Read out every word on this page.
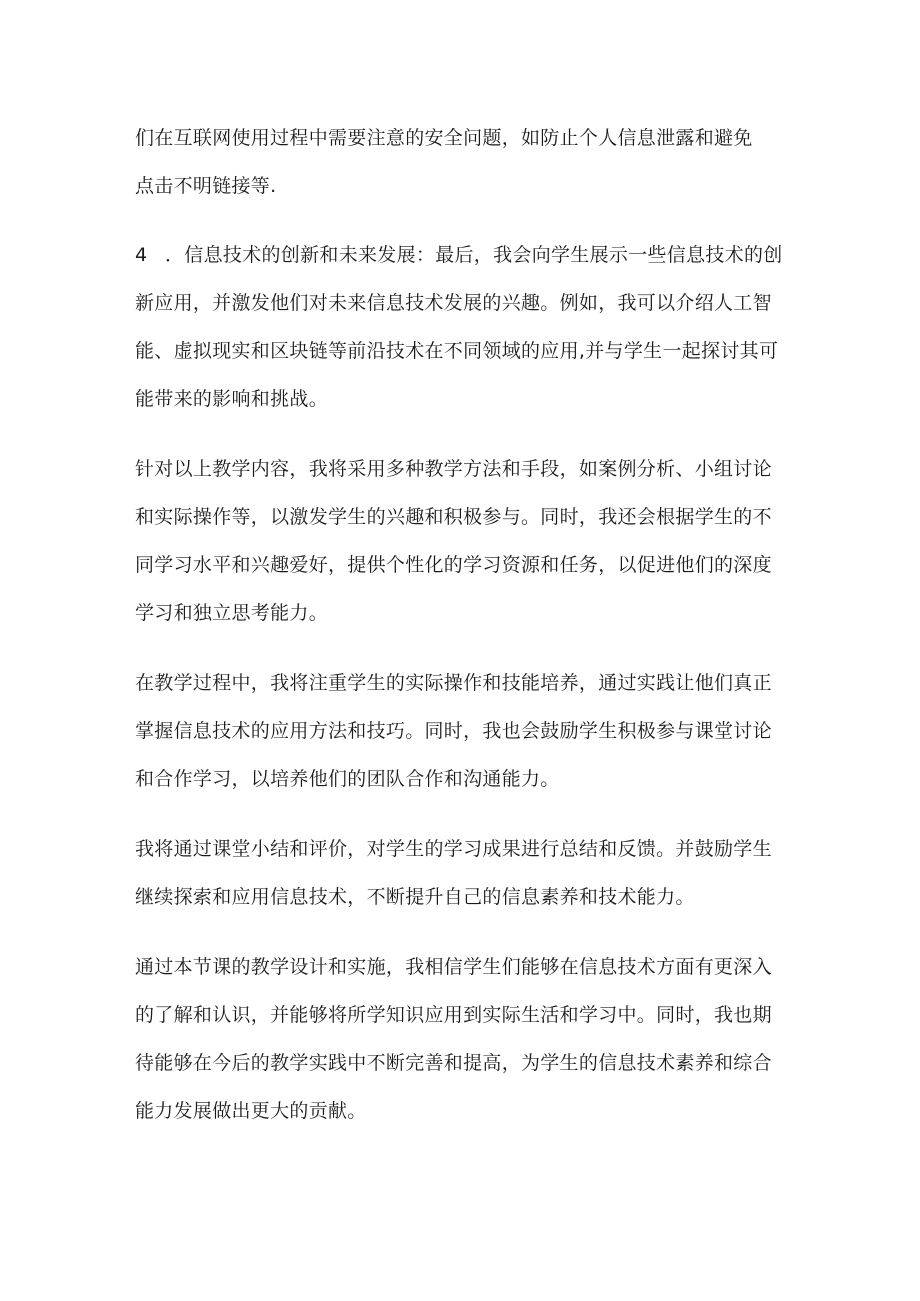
们在互联网使用过程中需要注意的安全问题，如防止个人信息泄露和避免
点击不明链接等.
4 ．信息技术的创新和未来发展：最后，我会向学生展示一些信息技术的创
新应用，并激发他们对未来信息技术发展的兴趣。例如，我可以介绍人工智
能、虚拟现实和区块链等前沿技术在不同领域的应用,并与学生一起探讨其可
能带来的影响和挑战。
针对以上教学内容，我将采用多种教学方法和手段，如案例分析、小组讨论
和实际操作等，以激发学生的兴趣和积极参与。同时，我还会根据学生的不
同学习水平和兴趣爱好，提供个性化的学习资源和任务，以促进他们的深度
学习和独立思考能力。
在教学过程中，我将注重学生的实际操作和技能培养，通过实践让他们真正
掌握信息技术的应用方法和技巧。同时，我也会鼓励学生积极参与课堂讨论
和合作学习，以培养他们的团队合作和沟通能力。
我将通过课堂小结和评价，对学生的学习成果进行总结和反馈。并鼓励学生
继续探索和应用信息技术，不断提升自己的信息素养和技术能力。
通过本节课的教学设计和实施，我相信学生们能够在信息技术方面有更深入
的了解和认识，并能够将所学知识应用到实际生活和学习中。同时，我也期
待能够在今后的教学实践中不断完善和提高，为学生的信息技术素养和综合
能力发展做出更大的贡献。
